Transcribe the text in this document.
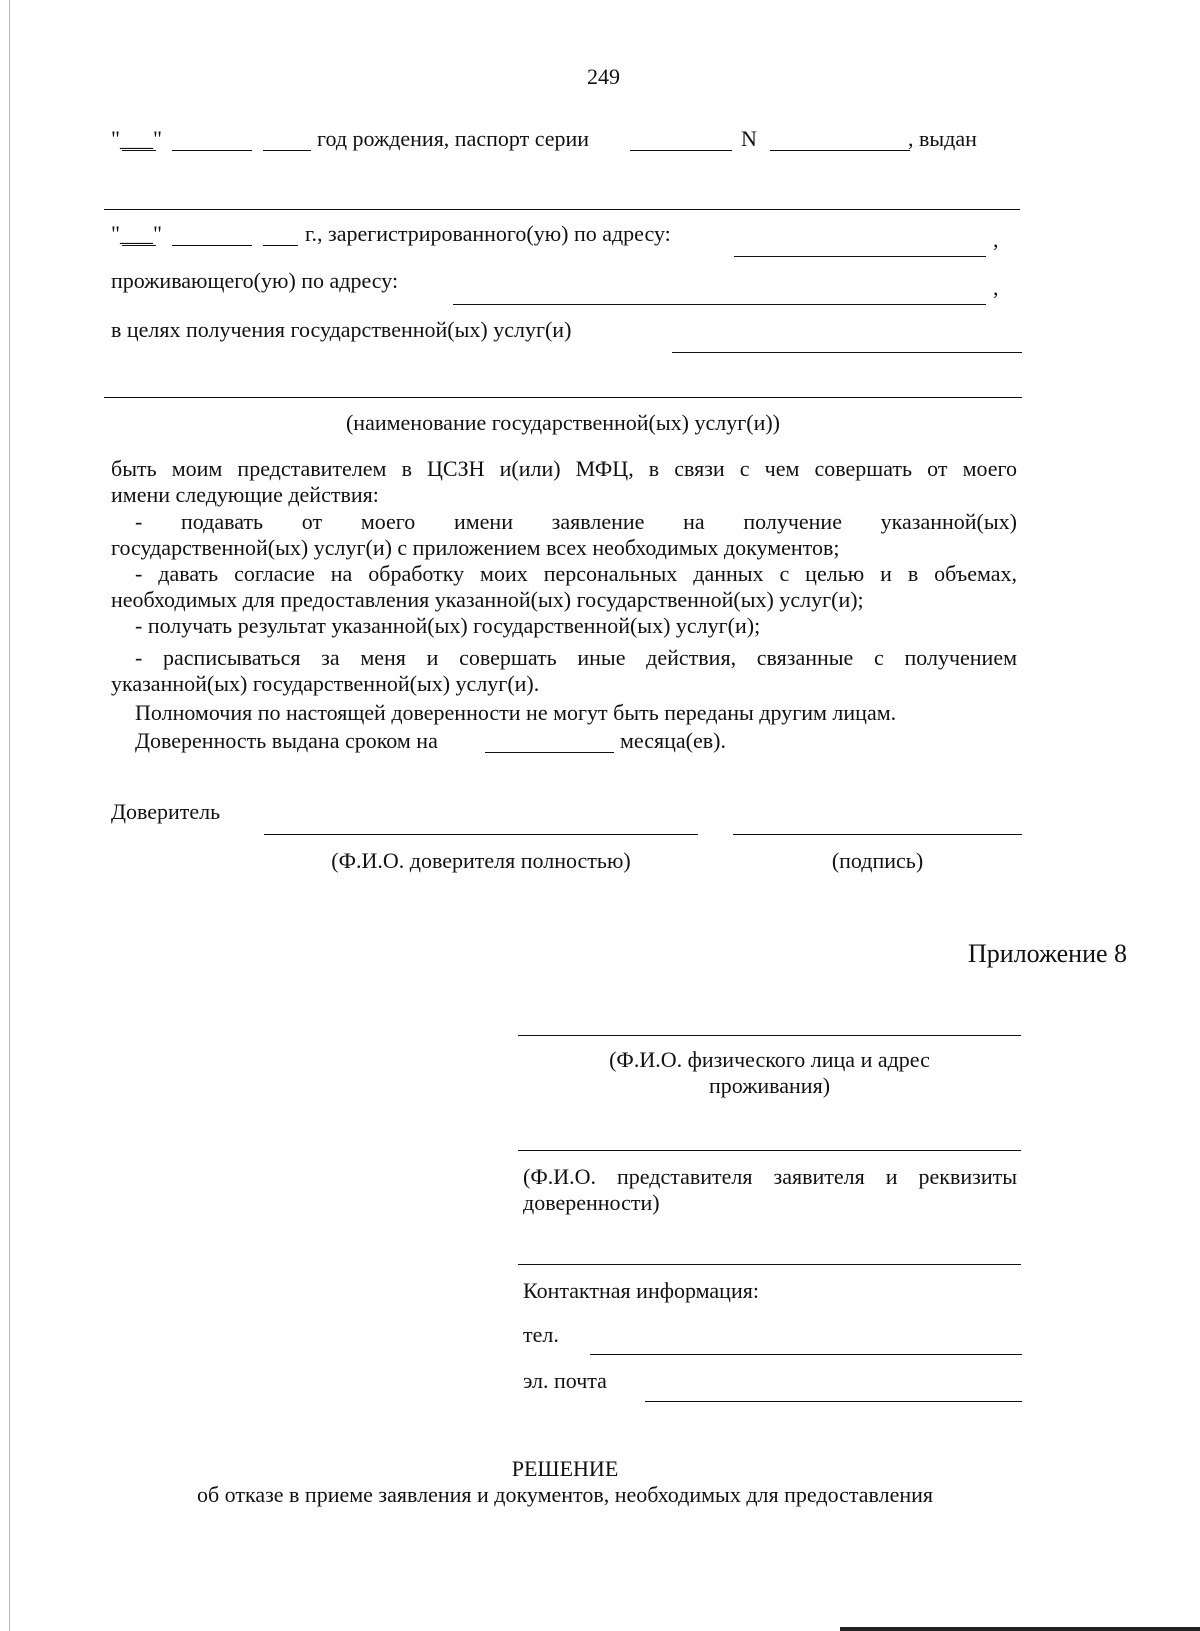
249
"___"	год рождения, паспорт серии	N	, выдан
"___"	г., зарегистрированного(ую) по адресу:	,
проживающего(ую) по адресу:	,
в целях получения государственной(ых) услуг(и)
(наименование государственной(ых) услуг(и))
быть моим представителем в ЦСЗН и(или) МФЦ, в связи с чем совершать от моего
имени следующие действия:
- подавать от моего имени заявление на получение указанной(ых)
государственной(ых) услуг(и) с приложением всех необходимых документов;
- давать согласие на обработку моих персональных данных с целью и в объемах,
необходимых для предоставления указанной(ых) государственной(ых) услуг(и);
- получать результат указанной(ых) государственной(ых) услуг(и);
- расписываться за меня и совершать иные действия, связанные с получением
указанной(ых) государственной(ых) услуг(и).
Полномочия по настоящей доверенности не могут быть переданы другим лицам.
Доверенность выдана сроком на	месяца(ев).
Доверитель
(Ф.И.О. доверителя полностью)	(подпись)
Приложение 8
(Ф.И.О. физического лица и адрес
проживания)
(Ф.И.О. представителя заявителя и реквизиты
доверенности)
Контактная информация:
тел.
эл. почта
РЕШЕНИЕ
об отказе в приеме заявления и документов, необходимых для предоставления
